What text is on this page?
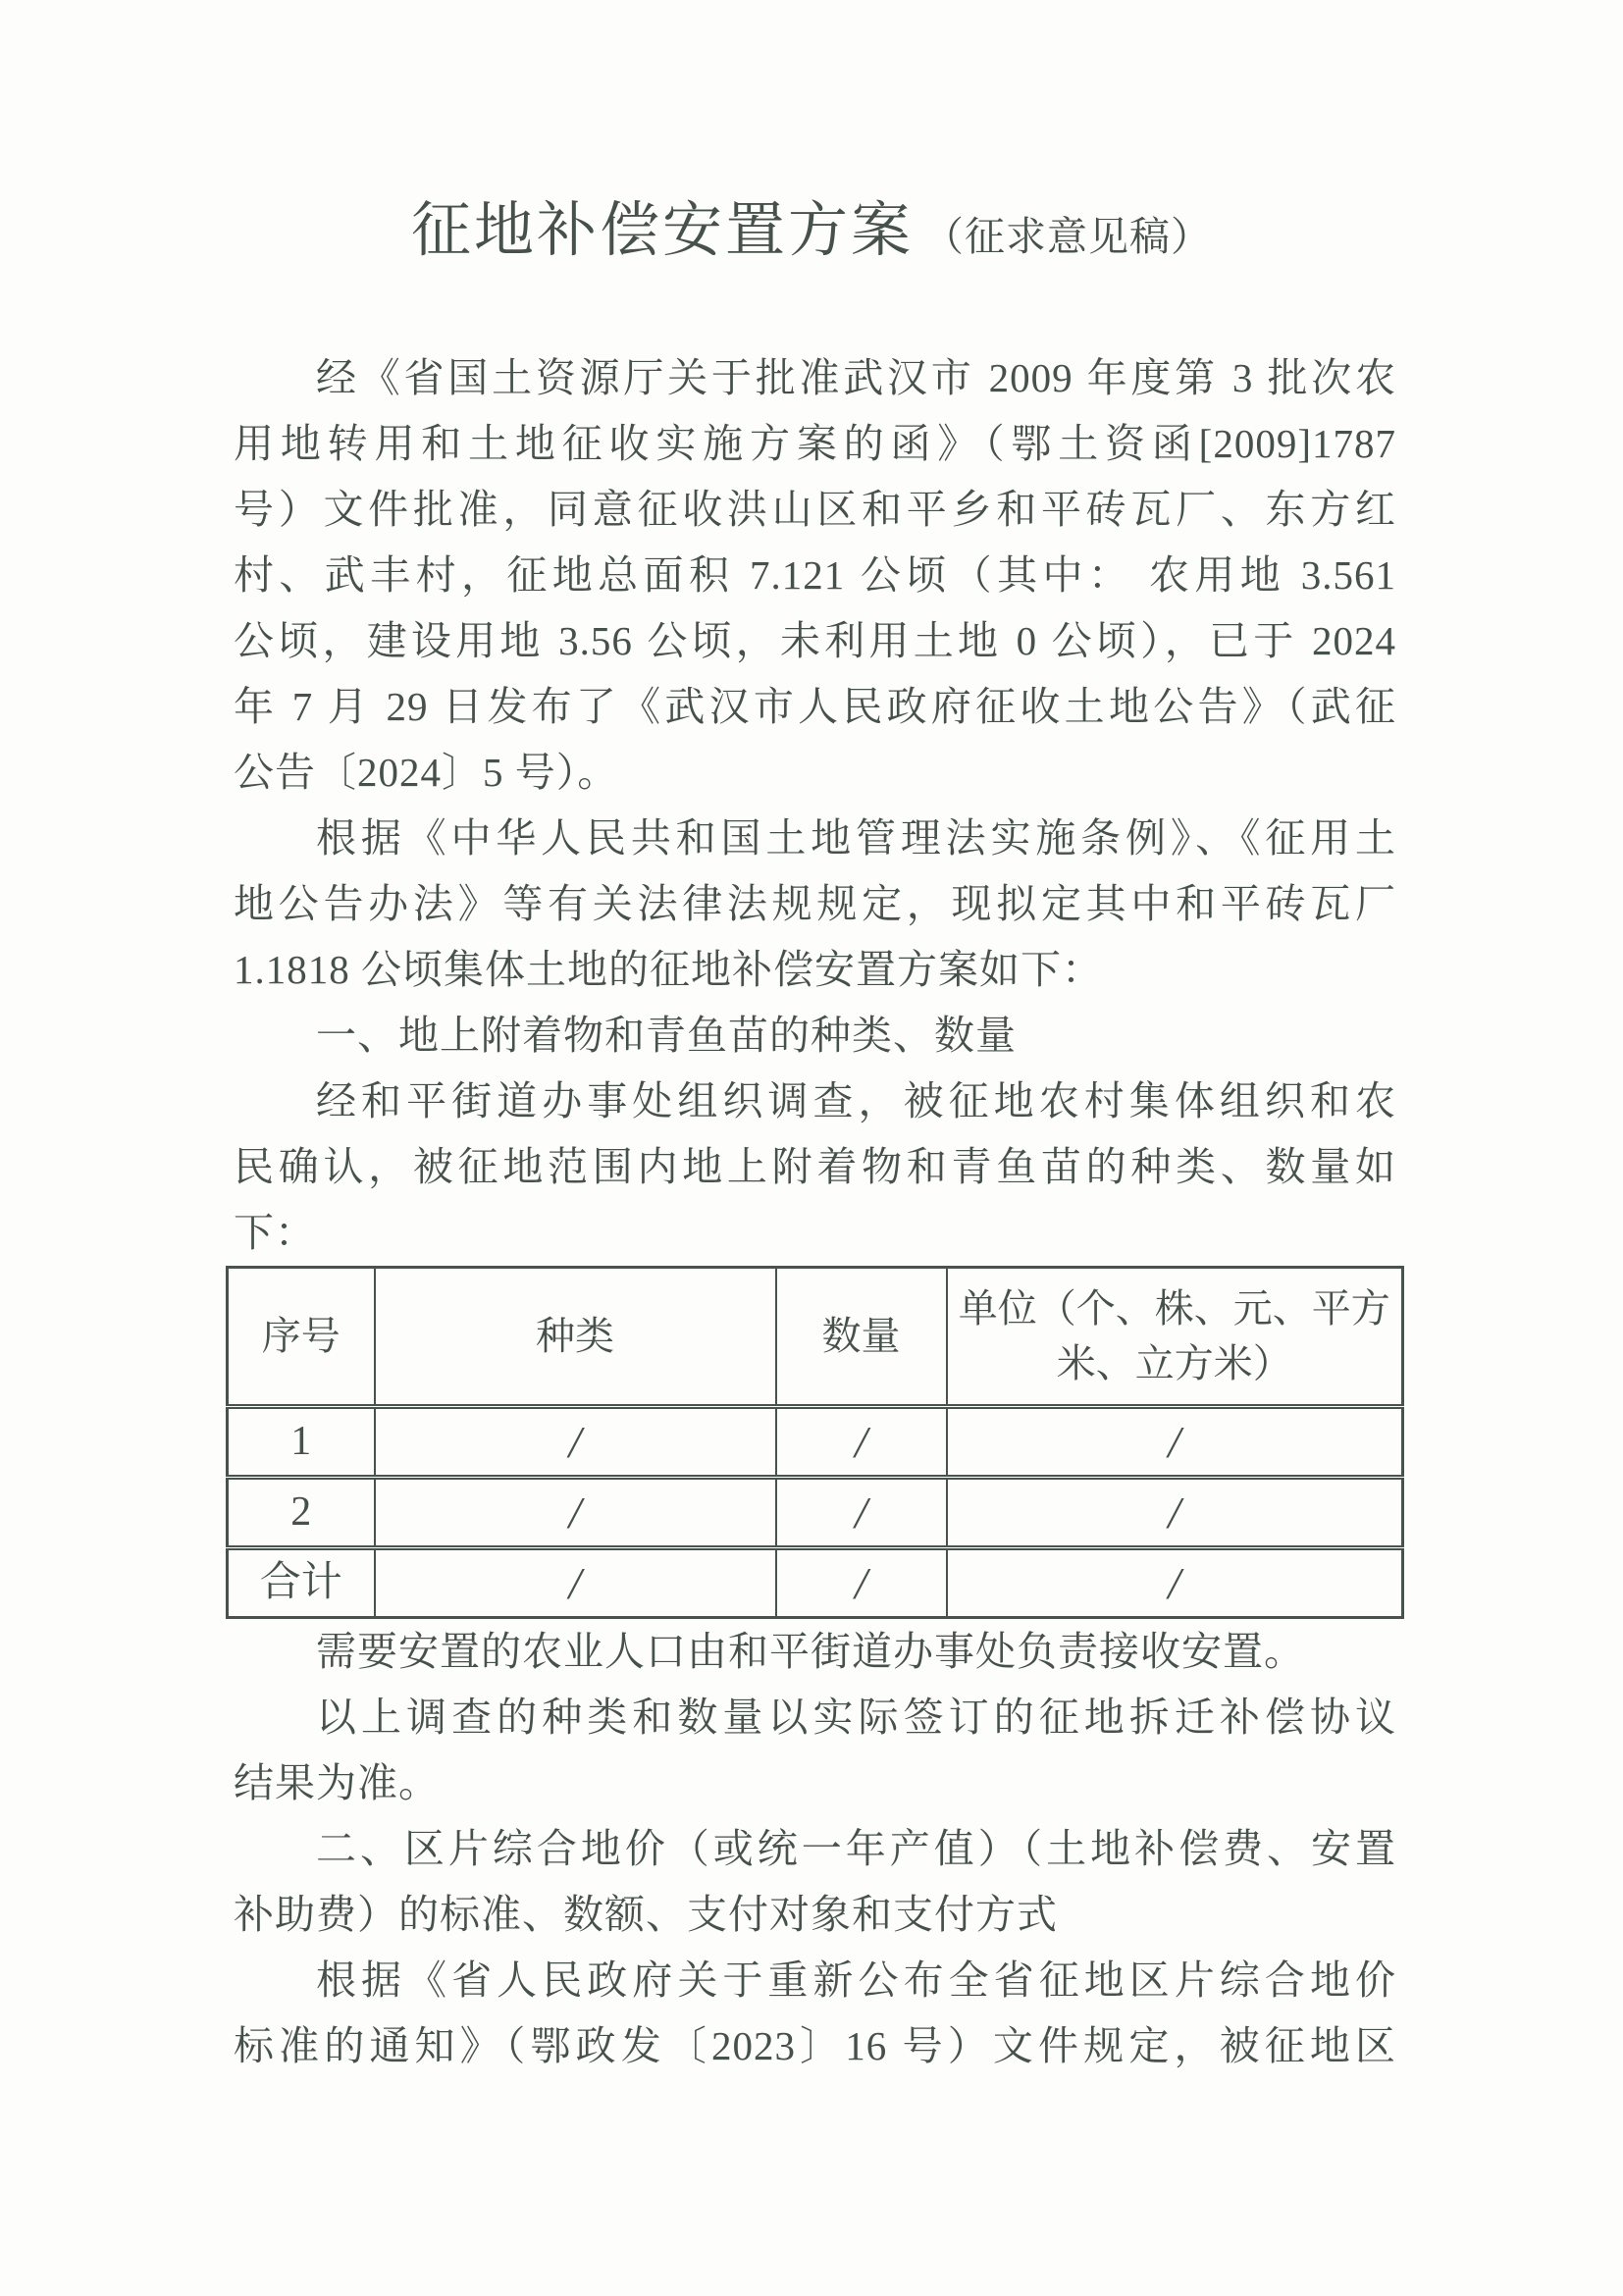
征地补偿安置方案 （征求意见稿）
经《省国土资源厅关于批准武汉市 2009 年度第 3 批次农
用地转用和土地征收实施方案的函》（鄂土资函[2009]1787
号）文件批准，同意征收洪山区和平乡和平砖瓦厂、东方红
村、武丰村，征地总面积 7.121 公顷（其中： 农用地 3.561
公顷，建设用地 3.56 公顷，未利用土地 0 公顷），已于 2024
年 7 月 29 日发布了《武汉市人民政府征收土地公告》（武征
公告〔2024〕5 号）。
根据《中华人民共和国土地管理法实施条例》、《征用土
地公告办法》等有关法律法规规定，现拟定其中和平砖瓦厂
1.1818 公顷集体土地的征地补偿安置方案如下：
一、地上附着物和青鱼苗的种类、数量
经和平街道办事处组织调查，被征地农村集体组织和农
民确认，被征地范围内地上附着物和青鱼苗的种类、数量如
下：
序号	种类	数量	单位（个、株、元、平方米、立方米）
1	/	/	/
2	/	/	/
合计	/	/	/
需要安置的农业人口由和平街道办事处负责接收安置。
以上调查的种类和数量以实际签订的征地拆迁补偿协议
结果为准。
二、区片综合地价（或统一年产值）（土地补偿费、安置
补助费）的标准、数额、支付对象和支付方式
根据《省人民政府关于重新公布全省征地区片综合地价
标准的通知》（鄂政发〔2023〕16 号）文件规定，被征地区
